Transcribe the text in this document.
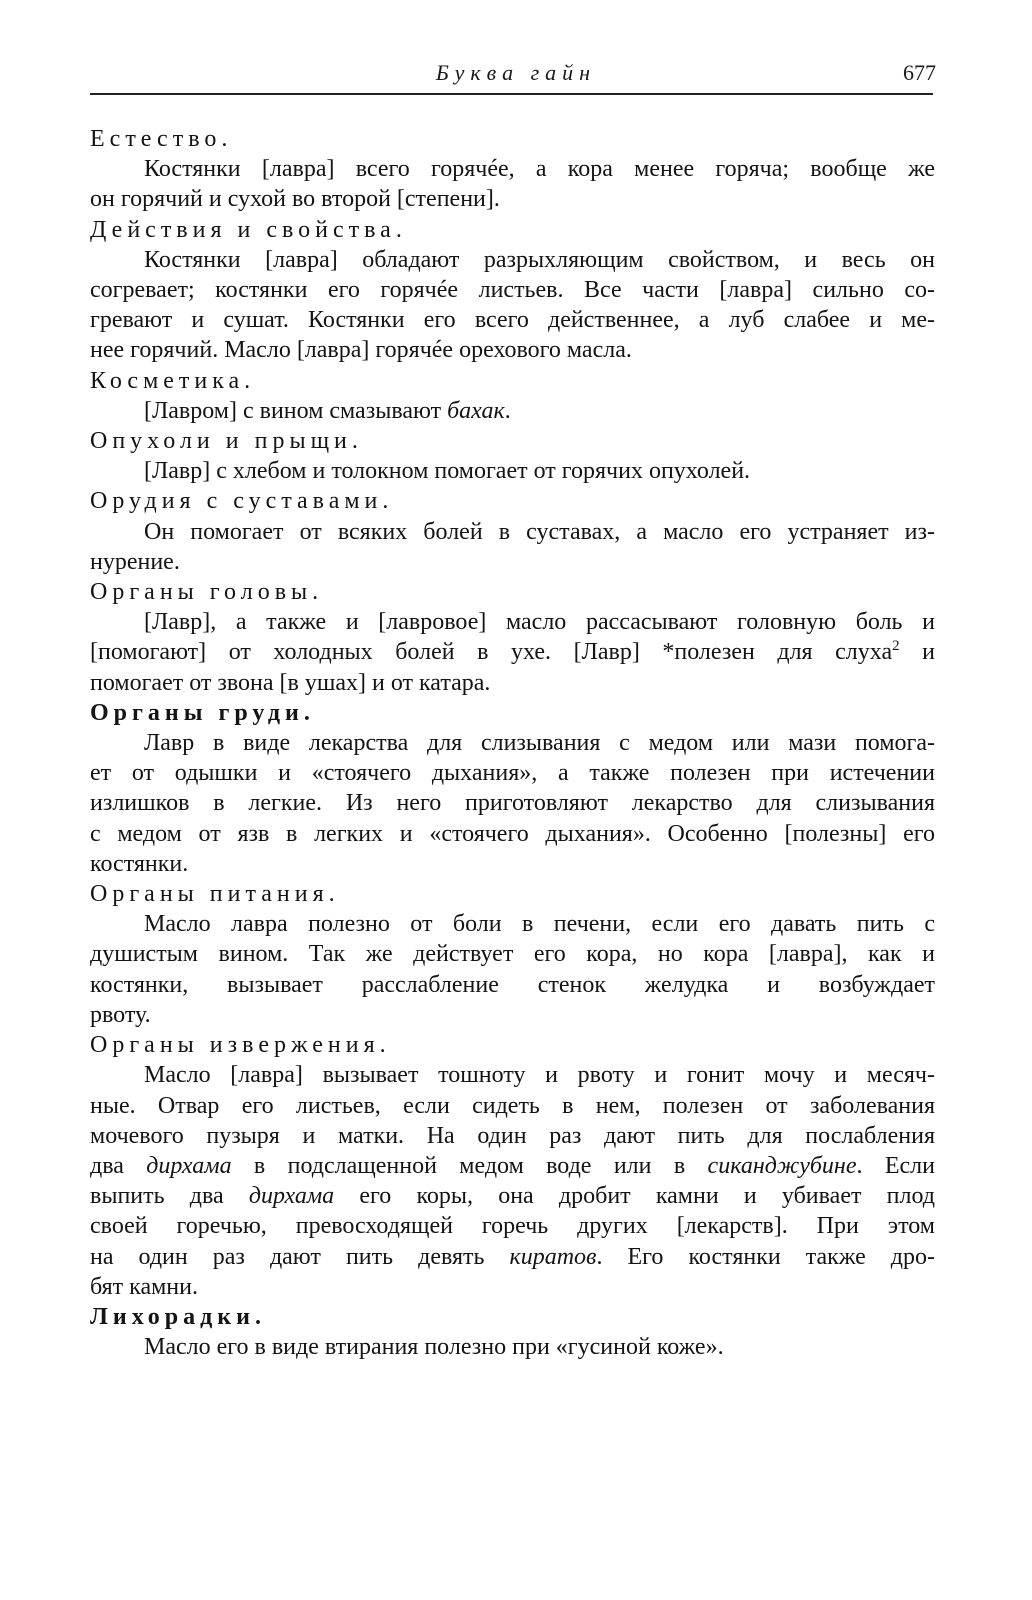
Буква гайн	677

Естество.

Костянки [лавра] всего горячée, а кора менее горяча; вообще же

он горячий и сухой во второй [степени].

Действия и свойства.

Костянки [лавра] обладают разрыхляющим свойством, и весь он

согревает; костянки его горячée листьев. Все части [лавра] сильно со-

гревают и сушат. Костянки его всего действеннее, а луб слабее и ме-

нее горячий. Масло [лавра] горячée орехового масла.

Косметика.

[Лавром] с вином смазывают бахак.

Опухоли и прыщи.

[Лавр] с хлебом и толокном помогает от горячих опухолей.

Орудия с суставами.

Он помогает от всяких болей в суставах, а масло его устраняет из-

нурение.

Органы головы.

[Лавр], а также и [лавровое] масло рассасывают головную боль и

[помогают] от холодных болей в ухе. [Лавр] *полезен для слуха$^2$ и

помогает от звона [в ушах] и от катара.

Органы груди.

Лавр в виде лекарства для слизывания с медом или мази помога-

ет от одышки и «стоячего дыхания», а также полезен при истечении

излишков в легкие. Из него приготовляют лекарство для слизывания

с медом от язв в легких и «стоячего дыхания». Особенно [полезны] его

костянки.

Органы питания.

Масло лавра полезно от боли в печени, если его давать пить с

душистым вином. Так же действует его кора, но кора [лавра], как и

костянки, вызывает расслабление стенок желудка и возбуждает

рвоту.

Органы извержения.

Масло [лавра] вызывает тошноту и рвоту и гонит мочу и месяч-

ные. Отвар его листьев, если сидеть в нем, полезен от заболевания

мочевого пузыря и матки. На один раз дают пить для послабления

два дирхама в подслащенной медом воде или в сиканджубине. Если

выпить два дирхама его коры, она дробит камни и убивает плод

своей горечью, превосходящей горечь других [лекарств]. При этом

на один раз дают пить девять киратов. Его костянки также дро-

бят камни.

Лихорадки.

Масло его в виде втирания полезно при «гусиной коже».
